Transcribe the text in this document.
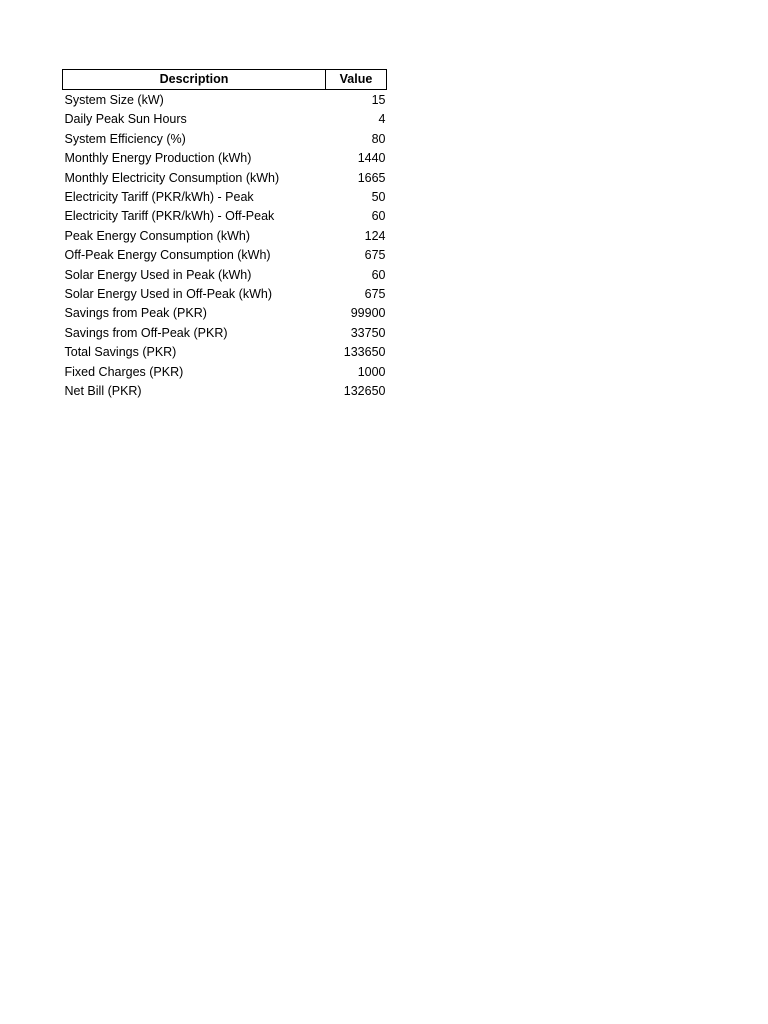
Description	Value
System Size (kW)	15
Daily Peak Sun Hours	4
System Efficiency (%)	80
Monthly Energy Production (kWh)	1440
Monthly Electricity Consumption (kWh)	1665
Electricity Tariff (PKR/kWh) - Peak	50
Electricity Tariff (PKR/kWh) - Off-Peak	60
Peak Energy Consumption (kWh)	124
Off-Peak Energy Consumption (kWh)	675
Solar Energy Used in Peak (kWh)	60
Solar Energy Used in Off-Peak (kWh)	675
Savings from Peak (PKR)	99900
Savings from Off-Peak (PKR)	33750
Total Savings (PKR)	133650
Fixed Charges (PKR)	1000
Net Bill (PKR)	132650
